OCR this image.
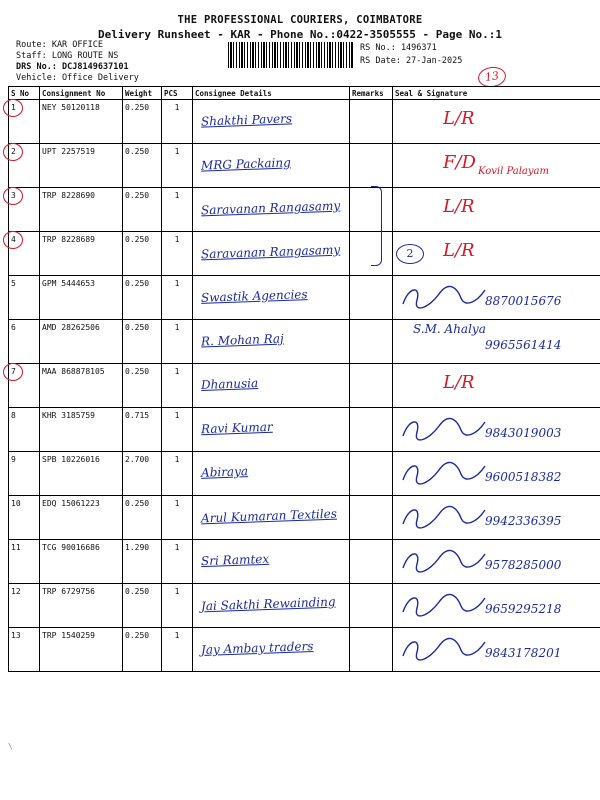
THE PROFESSIONAL COURIERS, COIMBATORE
Delivery Runsheet - KAR - Phone No.:0422-3505555 - Page No.:1
Route: KAR OFFICE
Staff: LONG ROUTE NS
DRS No.: DCJ8149637101
Vehicle: Office Delivery
RS No.: 1496371
RS Date: 27-Jan-2025
13
S No	Consignment No	Weight	PCS	Consignee Details	Remarks	Seal & Signature

1	NEY 50120118	0.250	1	Shakthi Pavers		L/R

2	UPT 2257519	0.250	1	MRG Packaing		F/D Kovil Palayam

3	TRP 8228690	0.250	1	Saravanan Rangasamy		L/R

4	TRP 8228689	0.250	1	Saravanan Rangasamy		L/R

5	GPM 5444653	0.250	1	Swastik Agencies		8870015676

6	AMD 28262506	0.250	1	R. Mohan Raj		S.M. Ahalya
9965561414

7	MAA 868878105	0.250	1	Dhanusia		L/R

8	KHR 3185759	0.715	1	Ravi Kumar		9843019003

9	SPB 10226016	2.700	1	Abiraya		9600518382

10	EDQ 15061223	0.250	1	Arul Kumaran Textiles		9942336395

11	TCG 90016686	1.290	1	Sri Ramtex		9578285000

12	TRP 6729756	0.250	1	Jai Sakthi Rewainding		9659295218

13	TRP 1540259	0.250	1	Jay Ambay traders		9843178201
2
\
